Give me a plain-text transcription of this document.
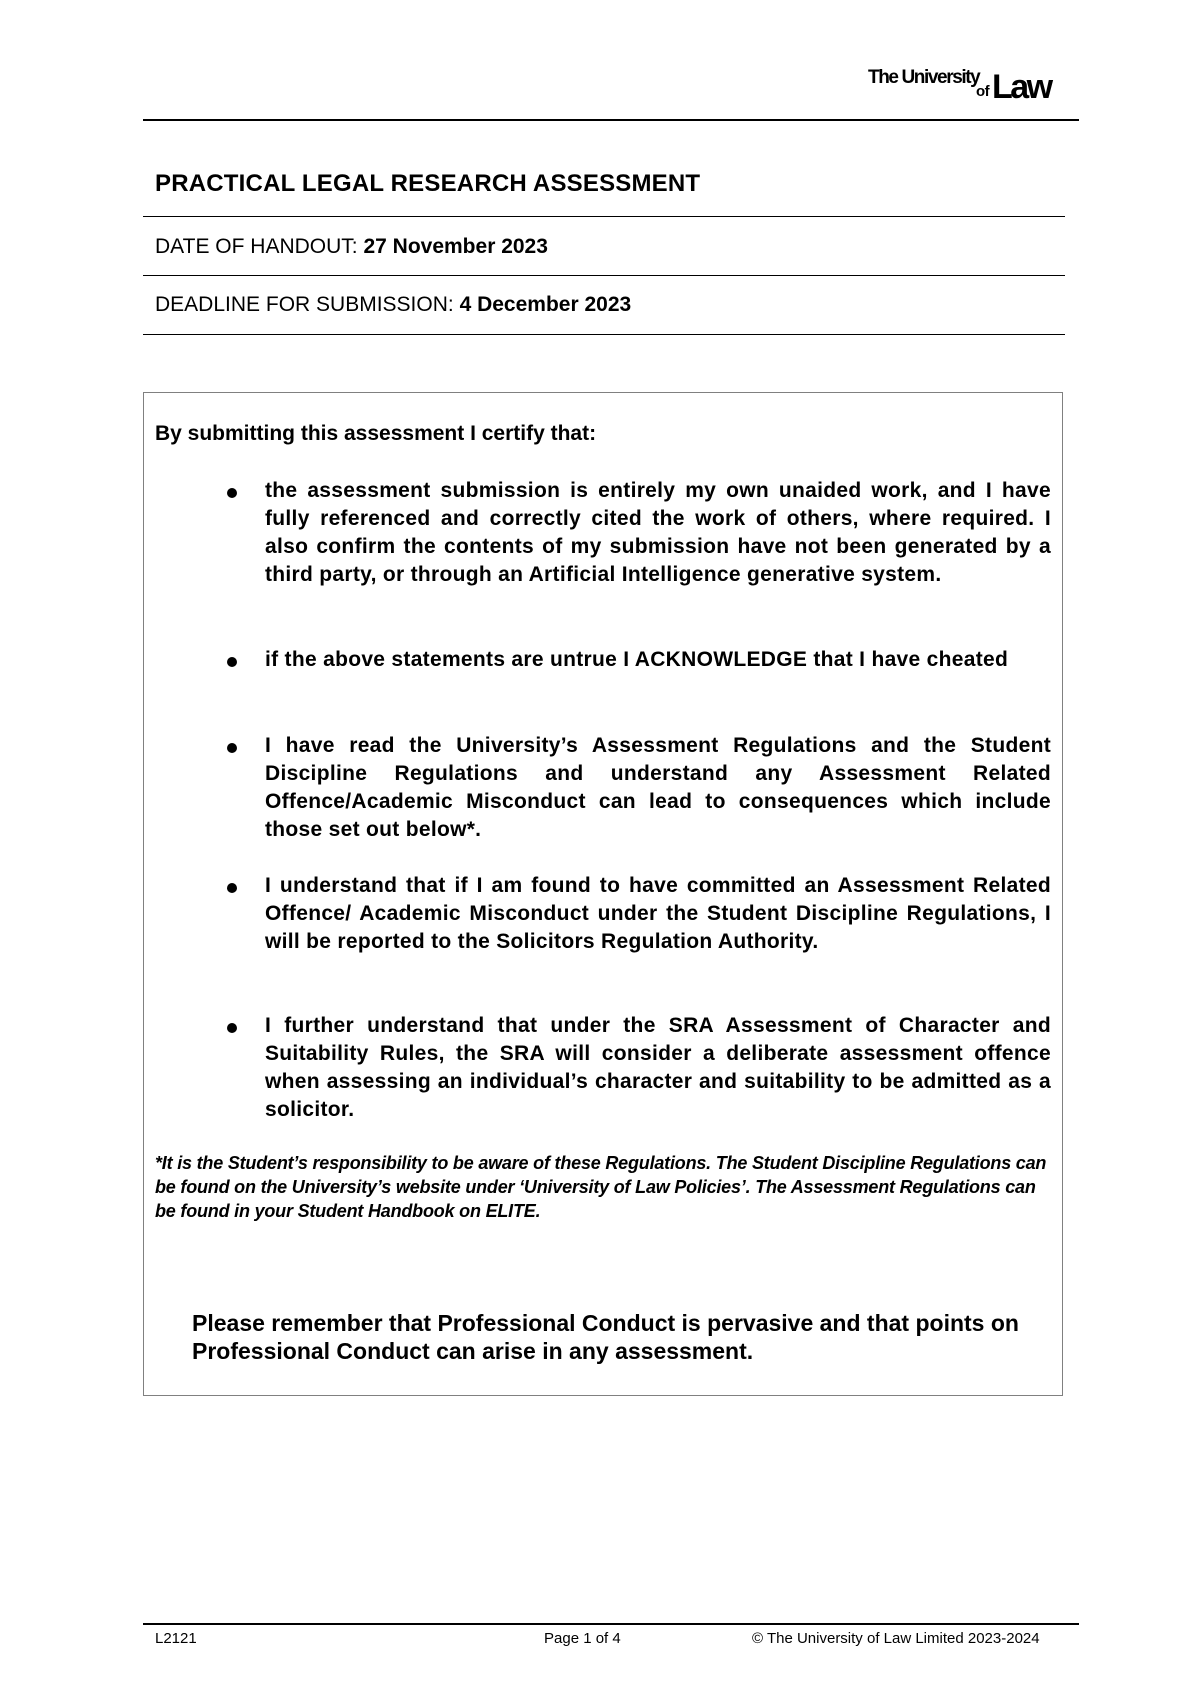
The University
of Law
PRACTICAL LEGAL RESEARCH ASSESSMENT
DATE OF HANDOUT: 27 November 2023
DEADLINE FOR SUBMISSION: 4 December 2023
By submitting this assessment I certify that:
the assessment submission is entirely my own unaided work, and I have fully referenced and correctly cited the work of others, where required. I also confirm the contents of my submission have not been generated by a third party, or through an Artificial Intelligence generative system.
if the above statements are untrue I ACKNOWLEDGE that I have cheated
I have read the University’s Assessment Regulations and the Student Discipline Regulations and understand any Assessment Related Offence/Academic Misconduct can lead to consequences which include those set out below*.
I understand that if I am found to have committed an Assessment Related Offence/ Academic Misconduct under the Student Discipline Regulations, I will be reported to the Solicitors Regulation Authority.
I further understand that under the SRA Assessment of Character and Suitability Rules, the SRA will consider a deliberate assessment offence when assessing an individual’s character and suitability to be admitted as a solicitor.
*It is the Student’s responsibility to be aware of these Regulations. The Student Discipline Regulations can be found on the University’s website under ‘University of Law Policies’. The Assessment Regulations can be found in your Student Handbook on ELITE.
Please remember that Professional Conduct is pervasive and that points on Professional Conduct can arise in any assessment.
L2121	Page 1 of 4	© The University of Law Limited 2023-2024
